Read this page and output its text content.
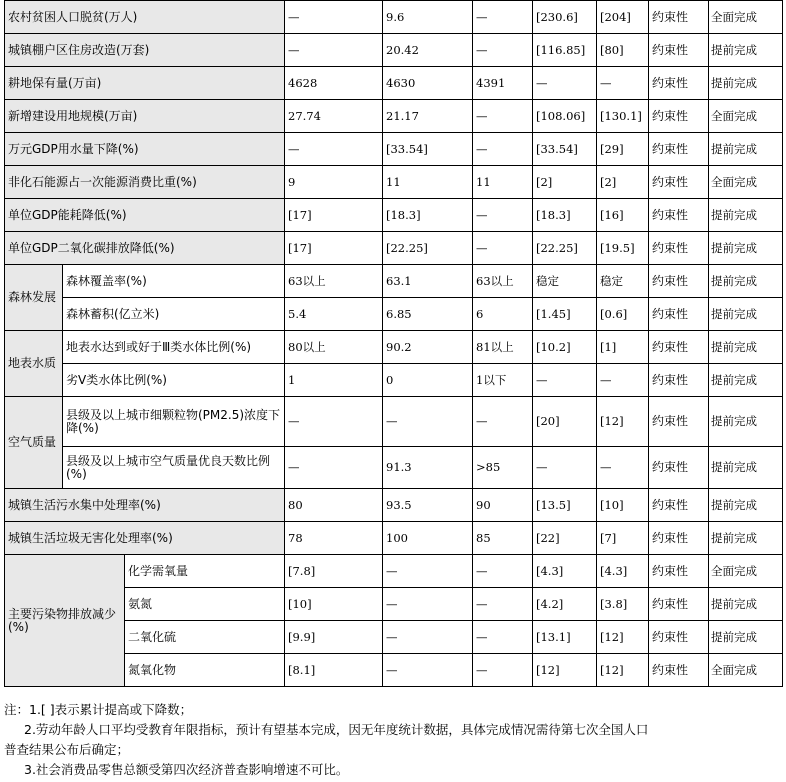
农村贫困人口脱贫(万人)			—	9.6	—	[230.6]	[204]	约束性	全面完成
城镇棚户区住房改造(万套)			—	20.42	—	[116.85]	[80]	约束性	提前完成
耕地保有量(万亩)			4628	4630	4391	—	—	约束性	提前完成
新增建设用地规模(万亩)			27.74	21.17	—	[108.06]	[130.1]	约束性	全面完成
万元GDP用水量下降(%)			—	[33.54]	—	[33.54]	[29]	约束性	提前完成
非化石能源占一次能源消费比重(%)			9	11	11	[2]	[2]	约束性	全面完成
单位GDP能耗降低(%)			[17]	[18.3]	—	[18.3]	[16]	约束性	提前完成
单位GDP二氧化碳排放降低(%)			[17]	[22.25]	—	[22.25]	[19.5]	约束性	提前完成
森林发展	森林覆盖率(%)		63以上	63.1	63以上	稳定	稳定	约束性	提前完成
	森林蓄积(亿立米)		5.4	6.85	6	[1.45]	[0.6]	约束性	提前完成
地表水质	地表水达到或好于Ⅲ类水体比例(%)		80以上	90.2	81以上	[10.2]	[1]	约束性	提前完成
	劣Ⅴ类水体比例(%)		1	0	1以下	—	—	约束性	提前完成
空气质量	县级及以上城市细颗粒物(PM2.5)浓度下降(%)		—	—	—	[20]	[12]	约束性	提前完成
	县级及以上城市空气质量优良天数比例(%)		—	91.3	>85	—	—	约束性	提前完成
城镇生活污水集中处理率(%)			80	93.5	90	[13.5]	[10]	约束性	提前完成
城镇生活垃圾无害化处理率(%)			78	100	85	[22]	[7]	约束性	提前完成
主要污染物排放减少(%)		化学需氧量	[7.8]	—	—	[4.3]	[4.3]	约束性	全面完成
		氨氮	[10]	—	—	[4.2]	[3.8]	约束性	提前完成
		二氧化硫	[9.9]	—	—	[13.1]	[12]	约束性	提前完成
		氮氧化物	[8.1]	—	—	[12]	[12]	约束性	全面完成

注：1.[ ]表示累计提高或下降数；

2.劳动年龄人口平均受教育年限指标，预计有望基本完成，因无年度统计数据，具体完成情况需待第七次全国人口

普查结果公布后确定；

3.社会消费品零售总额受第四次经济普查影响增速不可比。
